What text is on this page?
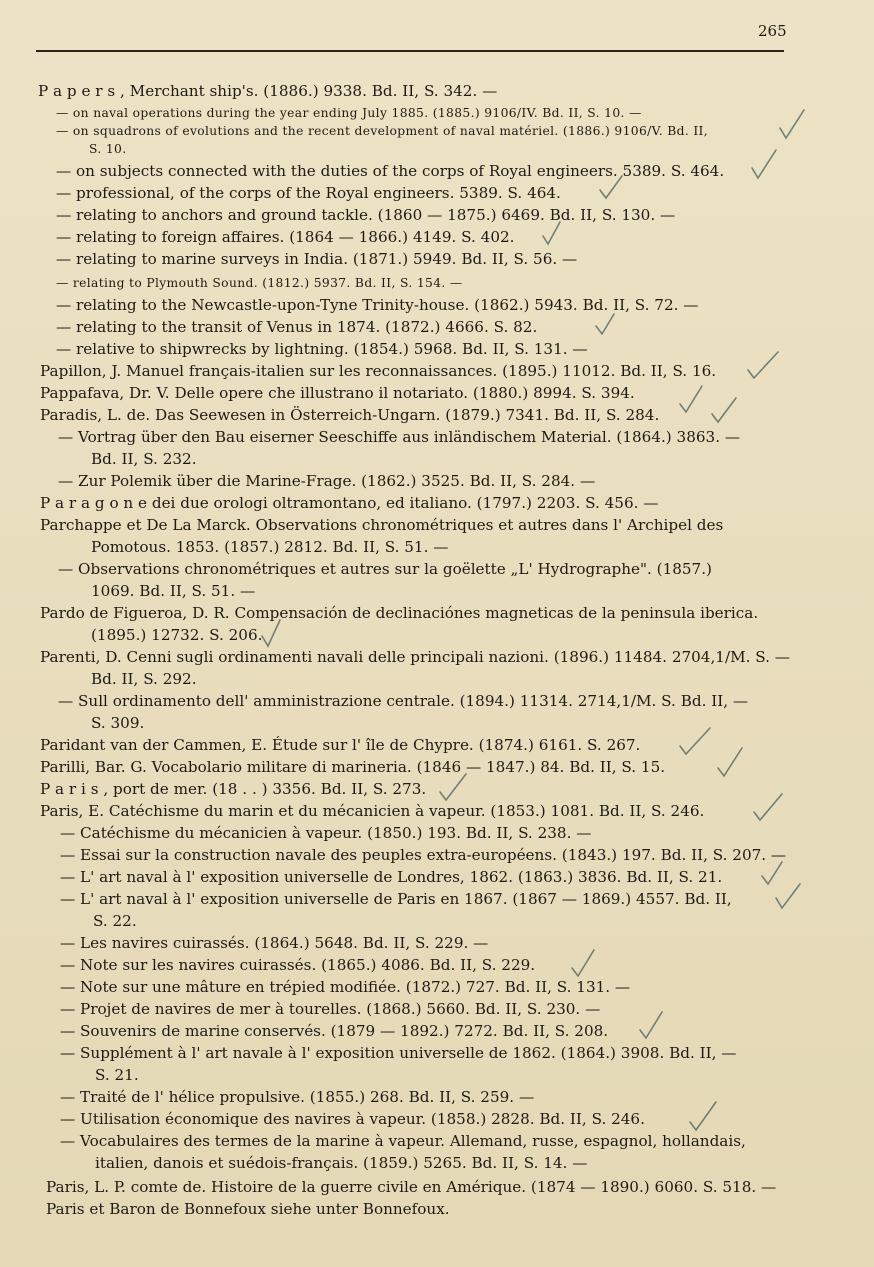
265
P a p e r s , Merchant ship's. (1886.) 9338. Bd. II, S. 342. —
— on naval operations during the year ending July 1885. (1885.) 9106/IV. Bd. II, S. 10. —
— on squadrons of evolutions and the recent development of naval matériel. (1886.) 9106/V. Bd. II,
S. 10.
— on subjects connected with the duties of the corps of Royal engineers. 5389. S. 464.
— professional, of the corps of the Royal engineers. 5389. S. 464.
— relating to anchors and ground tackle. (1860 — 1875.) 6469. Bd. II, S. 130. —
— relating to foreign affaires. (1864 — 1866.) 4149. S. 402.
— relating to marine surveys in India. (1871.) 5949. Bd. II, S. 56. —
— relating to Plymouth Sound. (1812.) 5937. Bd. II, S. 154. —
— relating to the Newcastle-upon-Tyne Trinity-house. (1862.) 5943. Bd. II, S. 72. —
— relating to the transit of Venus in 1874. (1872.) 4666. S. 82.
— relative to shipwrecks by lightning. (1854.) 5968. Bd. II, S. 131. —
Papillon, J. Manuel français-italien sur les reconnaissances. (1895.) 11012. Bd. II, S. 16.
Pappafava, Dr. V. Delle opere che illustrano il notariato. (1880.) 8994. S. 394.
Paradis, L. de. Das Seewesen in Österreich-Ungarn. (1879.) 7341. Bd. II, S. 284.
— Vortrag über den Bau eiserner Seeschiffe aus inländischem Material. (1864.) 3863. —
Bd. II, S. 232.
— Zur Polemik über die Marine-Frage. (1862.) 3525. Bd. II, S. 284. —
P a r a g o n e dei due orologi oltramontano, ed italiano. (1797.) 2203. S. 456. —
Parchappe et De La Marck. Observations chronométriques et autres dans l' Archipel des
Pomotous. 1853. (1857.) 2812. Bd. II, S. 51. —
— Observations chronométriques et autres sur la goëlette „L' Hydrographe". (1857.)
1069. Bd. II, S. 51. —
Pardo de Figueroa, D. R. Compensación de declinaciónes magneticas de la peninsula iberica.
(1895.) 12732. S. 206.
Parenti, D. Cenni sugli ordinamenti navali delle principali nazioni. (1896.) 11484. 2704,1/M. S. —
Bd. II, S. 292.
— Sull ordinamento dell' amministrazione centrale. (1894.) 11314. 2714,1/M. S. Bd. II, —
S. 309.
Paridant van der Cammen, E. Étude sur l' île de Chypre. (1874.) 6161. S. 267.
Parilli, Bar. G. Vocabolario militare di marineria. (1846 — 1847.) 84. Bd. II, S. 15.
P a r i s , port de mer. (18 . . ) 3356. Bd. II, S. 273.
Paris, E. Catéchisme du marin et du mécanicien à vapeur. (1853.) 1081. Bd. II, S. 246.
— Catéchisme du mécanicien à vapeur. (1850.) 193. Bd. II, S. 238. —
— Essai sur la construction navale des peuples extra-européens. (1843.) 197. Bd. II, S. 207. —
— L' art naval à l' exposition universelle de Londres, 1862. (1863.) 3836. Bd. II, S. 21.
— L' art naval à l' exposition universelle de Paris en 1867. (1867 — 1869.) 4557. Bd. II,
S. 22.
— Les navires cuirassés. (1864.) 5648. Bd. II, S. 229. —
— Note sur les navires cuirassés. (1865.) 4086. Bd. II, S. 229.
— Note sur une mâture en trépied modifiée. (1872.) 727. Bd. II, S. 131. —
— Projet de navires de mer à tourelles. (1868.) 5660. Bd. II, S. 230. —
— Souvenirs de marine conservés. (1879 — 1892.) 7272. Bd. II, S. 208.
— Supplément à l' art navale à l' exposition universelle de 1862. (1864.) 3908. Bd. II, —
S. 21.
— Traité de l' hélice propulsive. (1855.) 268. Bd. II, S. 259. —
— Utilisation économique des navires à vapeur. (1858.) 2828. Bd. II, S. 246.
— Vocabulaires des termes de la marine à vapeur. Allemand, russe, espagnol, hollandais,
italien, danois et suédois-français. (1859.) 5265. Bd. II, S. 14. —
Paris, L. P. comte de. Histoire de la guerre civile en Amérique. (1874 — 1890.) 6060. S. 518. —
Paris et Baron de Bonnefoux siehe unter Bonnefoux.
